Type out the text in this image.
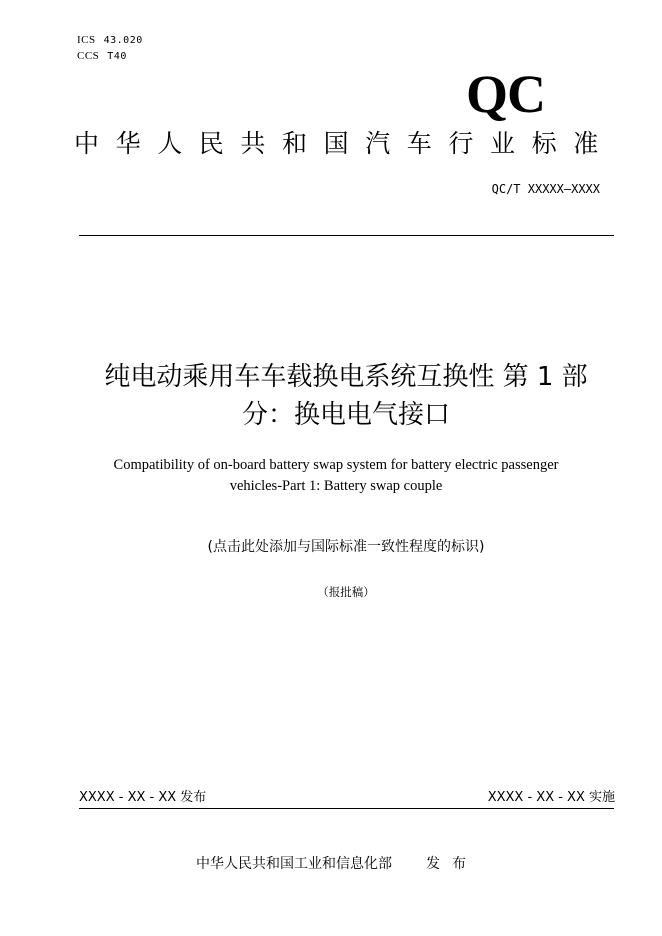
ICS 43.020
CCS T40
QC
中华人民共和国汽车行业标准
QC/T XXXXX—XXXX
纯电动乘用车车载换电系统互换性 第 1 部
分：换电电气接口
Compatibility of on-board battery swap system for battery electric passenger
vehicles-Part 1: Battery swap couple
(点击此处添加与国际标准一致性程度的标识)
（报批稿）
XXXX - XX - XX 发布	XXXX - XX - XX 实施
中华人民共和国工业和信息化部 发布
